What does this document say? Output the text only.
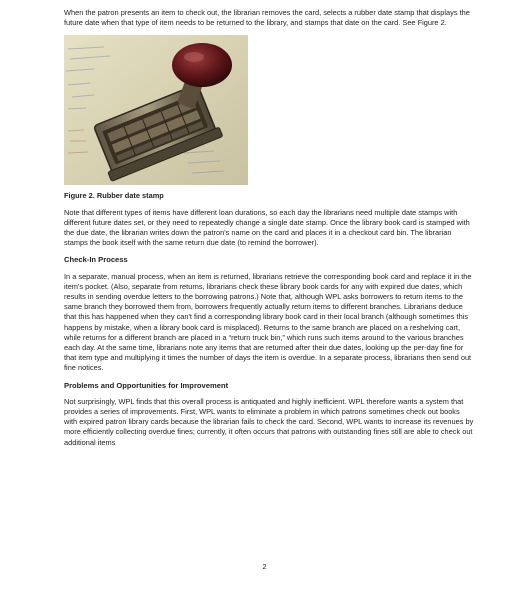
When the patron presents an item to check out, the librarian removes the card, selects a rubber date stamp that displays the future date when that type of item needs to be returned to the library, and stamps that date on the card. See Figure 2.

Figure 2. Rubber date stamp

Note that different types of items have different loan durations, so each day the librarians need multiple date stamps with different future dates set, or they need to repeatedly change a single date stamp. Once the library book card is stamped with the due date, the librarian writes down the patron's name on the card and places it in a checkout card bin. The librarian stamps the book itself with the same return due date (to remind the borrower).

Check-In Process

In a separate, manual process, when an item is returned, librarians retrieve the corresponding book card and replace it in the item's pocket. (Also, separate from returns, librarians check these library book cards for any with expired due dates, which results in sending overdue letters to the borrowing patrons.) Note that, although WPL asks borrowers to return items to the same branch they borrowed them from, borrowers frequently actually return items to different branches. Librarians deduce that this has happened when they can't find a corresponding library book card in their local branch (although sometimes this happens by mistake, when a library book card is misplaced). Returns to the same branch are placed on a reshelving cart, while returns for a different branch are placed in a “return truck bin,” which runs such items around to the various branches each day. At the same time, librarians note any items that are returned after their due dates, looking up the per-day fine for that item type and multiplying it times the number of days the item is overdue. In a separate process, librarians then send out fine notices.

Problems and Opportunities for Improvement

Not surprisingly, WPL finds that this overall process is antiquated and highly inefficient. WPL therefore wants a system that provides a series of improvements. First, WPL wants to eliminate a problem in which patrons sometimes check out books with expired patron library cards because the librarian fails to check the card. Second, WPL wants to increase its revenues by more efficiently collecting overdue fines; currently, it often occurs that patrons with outstanding fines still are able to check out additional items

2
